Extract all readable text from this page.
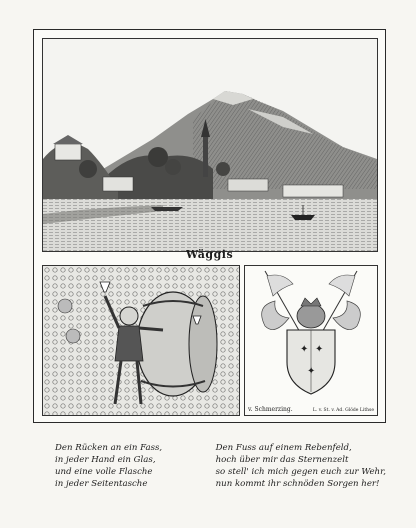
Wäggis
✦ ✦
✦
v. Schmerzing.	L. v. St. v. Ad. Glöde Lithse
Den Rücken an ein Fass,
in jeder Hand ein Glas,
und eine volle Flasche
in jeder Seitentasche
Den Fuss auf einem Rebenfeld,
hoch über mir das Sternenzelt
so stell' ich mich gegen euch zur Wehr,
nun kommt ihr schnöden Sorgen her!
